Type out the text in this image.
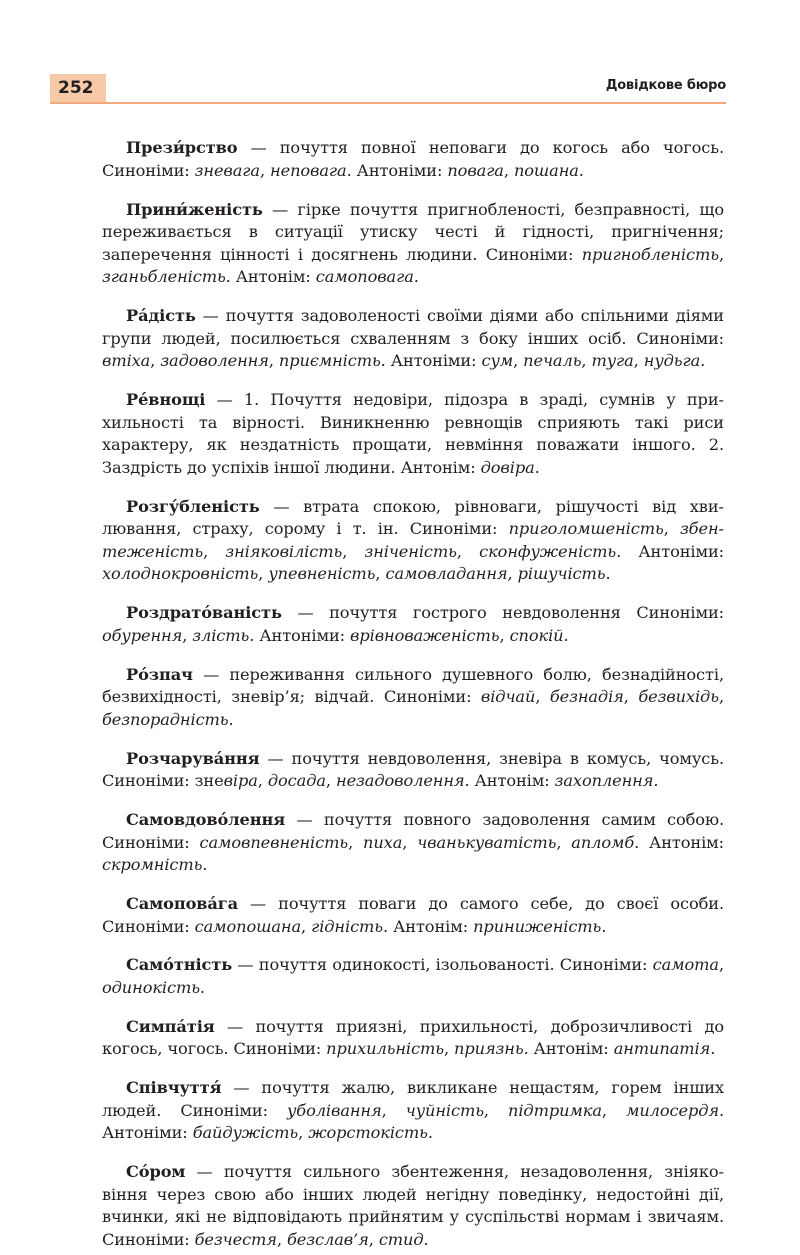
252	Довідкове бюро

Прези́рство — почуття повної неповаги до когось або чогось. Синоніми: зневага, неповага. Антоніми: повага, пошана.

Прини́женість — гірке почуття пригнобленості, безправності, що переживається в ситуації утиску честі й гідності, пригнічення; заперечення цінності і досягнень людини. Синоніми: пригнобленість, зганьбленість. Антонім: самоповага.

Ра́дість — почуття задоволеності своїми діями або спільними діями групи людей, посилюється схваленням з боку інших осіб. Синоніми: втіха, задоволення, приємність. Антоніми: сум, печаль, туга, нудьга.

Ре́внощі — 1. Почуття недовіри, підозра в зраді, сумнів у прихильності та вірності. Виникненню ревнощів сприяють такі риси характеру, як нездатність прощати, невміння поважати іншого. 2. Заздрість до успіхів іншої людини. Антонім: довіра.

Розгу́бленість — втрата спокою, рівноваги, рішучості від хвилювання, страху, сорому і т. ін. Синоніми: приголомшеність, збентеженість, зніяковілість, зніченість, сконфуженість. Антоніми: холоднокровність, упевненість, самовладання, рішучість.

Роздрато́ваність — почуття гострого невдоволення Синоніми: обурення, злість. Антоніми: врівноваженість, спокій.

Ро́зпач — переживання сильного душевного болю, безнадійності, безвихідності, зневір’я; відчай. Синоніми: відчай, безнадія, безвихідь, безпорадність.

Розчарува́ння — почуття невдоволення, зневіра в комусь, чомусь. Синоніми: зневіра, досада, незадоволення. Антонім: захоплення.

Самовдово́лення — почуття повного задоволення самим собою. Синоніми: самовпевненість, пиха, чванькуватість, апломб. Антонім: скромність.

Самопова́га — почуття поваги до самого себе, до своєї особи. Синоніми: самопошана, гідність. Антонім: приниженість.

Само́тність — почуття одинокості, ізольованості. Синоніми: самота, одинокість.

Симпа́тія — почуття приязні, прихильності, доброзичливості до когось, чогось. Синоніми: прихильність, приязнь. Антонім: антипатія.

Співчуття́ — почуття жалю, викликане нещастям, горем інших людей. Синоніми: уболівання, чуйність, підтримка, милосердя. Антоніми: байдужість, жорстокість.

Со́ром — почуття сильного збентеження, незадоволення, зніяковіння через свою або інших людей негідну поведінку, недостойні дії, вчинки, які не відповідають прийнятим у суспільстві нормам і звичаям. Синоніми: безчестя, безслав’я, стид.
